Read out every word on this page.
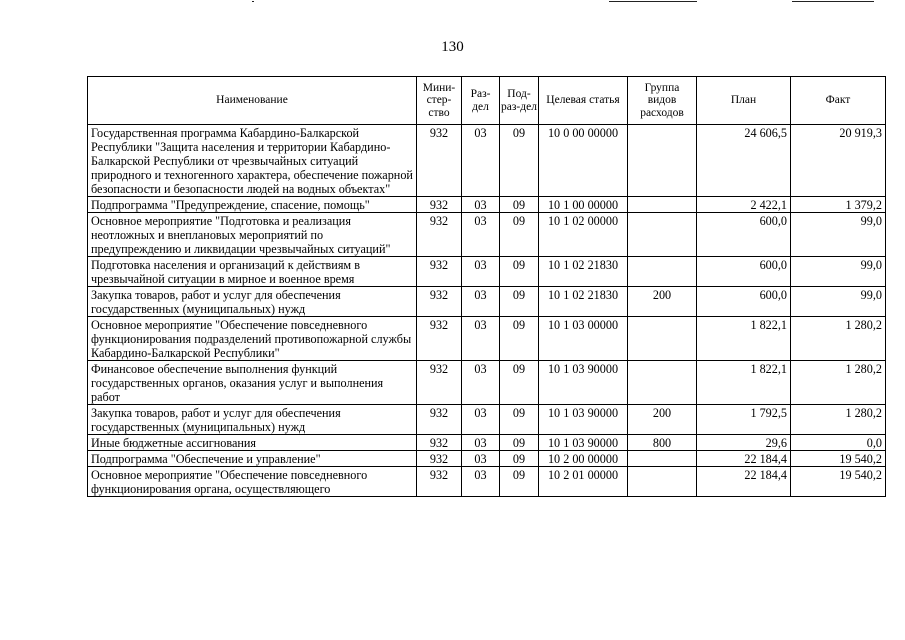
130
Наименование	Мини-стер-ство	Раз-дел	Под-раз-дел	Целевая статья	Группа видов расходов	План	Факт
Государственная программа Кабардино-Балкарской Республики "Защита населения и территории Кабардино-Балкарской Республики от чрезвычайных ситуаций природного и техногенного характера, обеспечение пожарной безопасности и безопасности людей на водных объектах"	932	03	09	10 0 00 00000		24 606,5	20 919,3
Подпрограмма "Предупреждение, спасение, помощь"	932	03	09	10 1 00 00000		2 422,1	1 379,2
Основное мероприятие "Подготовка и реализация неотложных и внеплановых мероприятий по предупреждению и ликвидации чрезвычайных ситуаций"	932	03	09	10 1 02 00000		600,0	99,0
Подготовка населения и организаций к действиям в чрезвычайной ситуации в мирное и военное время	932	03	09	10 1 02 21830		600,0	99,0
Закупка товаров, работ и услуг для обеспечения государственных (муниципальных) нужд	932	03	09	10 1 02 21830	200	600,0	99,0
Основное мероприятие "Обеспечение повседневного функционирования подразделений противопожарной службы Кабардино-Балкарской Республики"	932	03	09	10 1 03 00000		1 822,1	1 280,2
Финансовое обеспечение выполнения функций государственных органов, оказания услуг и выполнения работ	932	03	09	10 1 03 90000		1 822,1	1 280,2
Закупка товаров, работ и услуг для обеспечения государственных (муниципальных) нужд	932	03	09	10 1 03 90000	200	1 792,5	1 280,2
Иные бюджетные ассигнования	932	03	09	10 1 03 90000	800	29,6	0,0
Подпрограмма "Обеспечение и управление"	932	03	09	10 2 00 00000		22 184,4	19 540,2
Основное мероприятие "Обеспечение повседневного функционирования органа, осуществляющего	932	03	09	10 2 01 00000		22 184,4	19 540,2
